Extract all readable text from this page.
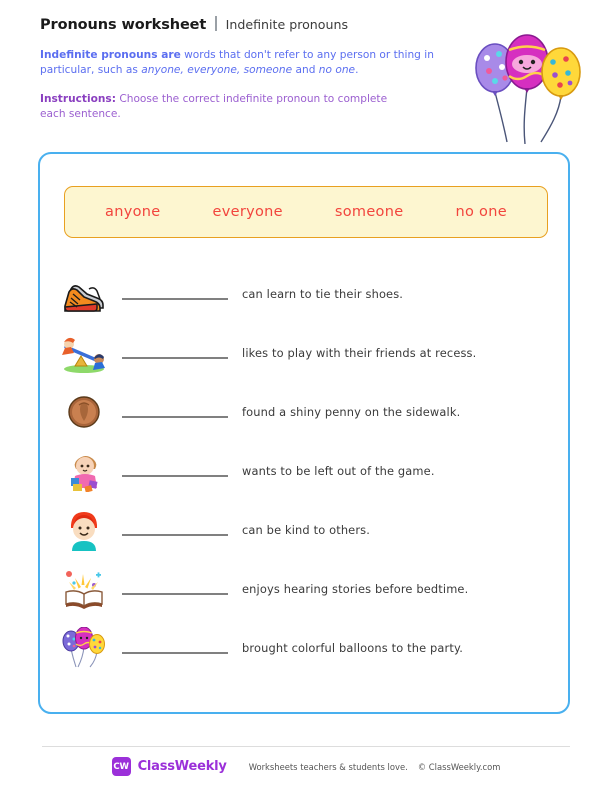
Pronouns worksheet Indefinite pronouns
Indefinite pronouns are words that don't refer to any person or thing in particular, such as anyone, everyone, someone and no one.
Instructions: Choose the correct indefinite pronoun to complete each sentence.
anyone	everyone	someone	no one
can learn to tie their shoes.
likes to play with their friends at recess.
found a shiny penny on the sidewalk.
wants to be left out of the game.
can be kind to others.
enjoys hearing stories before bedtime.
brought colorful balloons to the party.
CW ClassWeekly	Worksheets teachers & students love. © ClassWeekly.com
